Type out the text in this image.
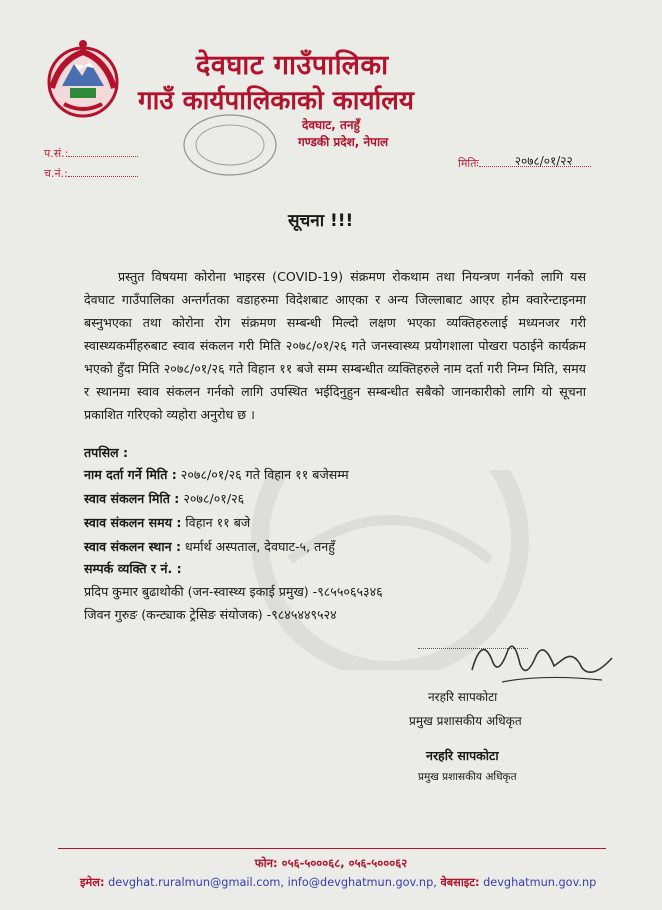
देवघाट गाउँपालिका
गाउँ कार्यपालिकाको कार्यालय
देवघाट, तनहुँ
गण्डकी प्रदेश, नेपाल
प.सं.:
च.नं.:
मितिः	२०७८/०१/२२
सूचना !!!

प्रस्तुत विषयमा कोरोना भाइरस (COVID-19) संक्रमण रोकथाम तथा नियन्त्रण गर्नको लागि यस देवघाट गाउँपालिका अन्तर्गतका वडाहरुमा विदेशबाट आएका र अन्य जिल्लाबाट आएर होम क्वारेन्टाइनमा बस्नुभएका तथा कोरोना रोग संक्रमण सम्बन्धी मिल्दो लक्षण भएका व्यक्तिहरुलाई मध्यनजर गरी स्वास्थ्यकर्मीहरुबाट स्वाव संकलन गरी मिति २०७८/०१/२६ गते जनस्वास्थ्य प्रयोगशाला पोखरा पठाईने कार्यक्रम भएको हुँदा मिति २०७८/०१/२६ गते विहान ११ बजे सम्म सम्बन्धीत व्यक्तिहरुले नाम दर्ता गरी निम्न मिति, समय र स्थानमा स्वाव संकलन गर्नको लागि उपस्थित भईदिनुहुन सम्बन्धीत सबैको जानकारीको लागि यो सूचना प्रकाशित गरिएको व्यहोरा अनुरोध छ ।

तपसिल :
नाम दर्ता गर्ने मिति : २०७८/०१/२६ गते विहान ११ बजेसम्म
स्वाव संकलन मिति : २०७८/०१/२६
स्वाव संकलन समय : विहान ११ बजे
स्वाव संकलन स्थान : धर्मार्थ अस्पताल, देवघाट-५, तनहुँ
सम्पर्क व्यक्ति र नं. :
प्रदिप कुमार बुढाथोकी (जन-स्वास्थ्य इकाई प्रमुख) -९८५५०६५३४६
जिवन गुरुङ (कन्ट्याक ट्रेसिङ संयोजक) -९८४५४४९५२४
नरहरि सापकोटा
प्रमुख प्रशासकीय अधिकृत
नरहरि सापकोटा
प्रमुख प्रशासकीय अधिकृत
फोन: ०५६-५०००६८, ०५६-५०००६२
इमेल: devghat.ruralmun@gmail.com, info@devghatmun.gov.np, वेबसाइट: devghatmun.gov.np
